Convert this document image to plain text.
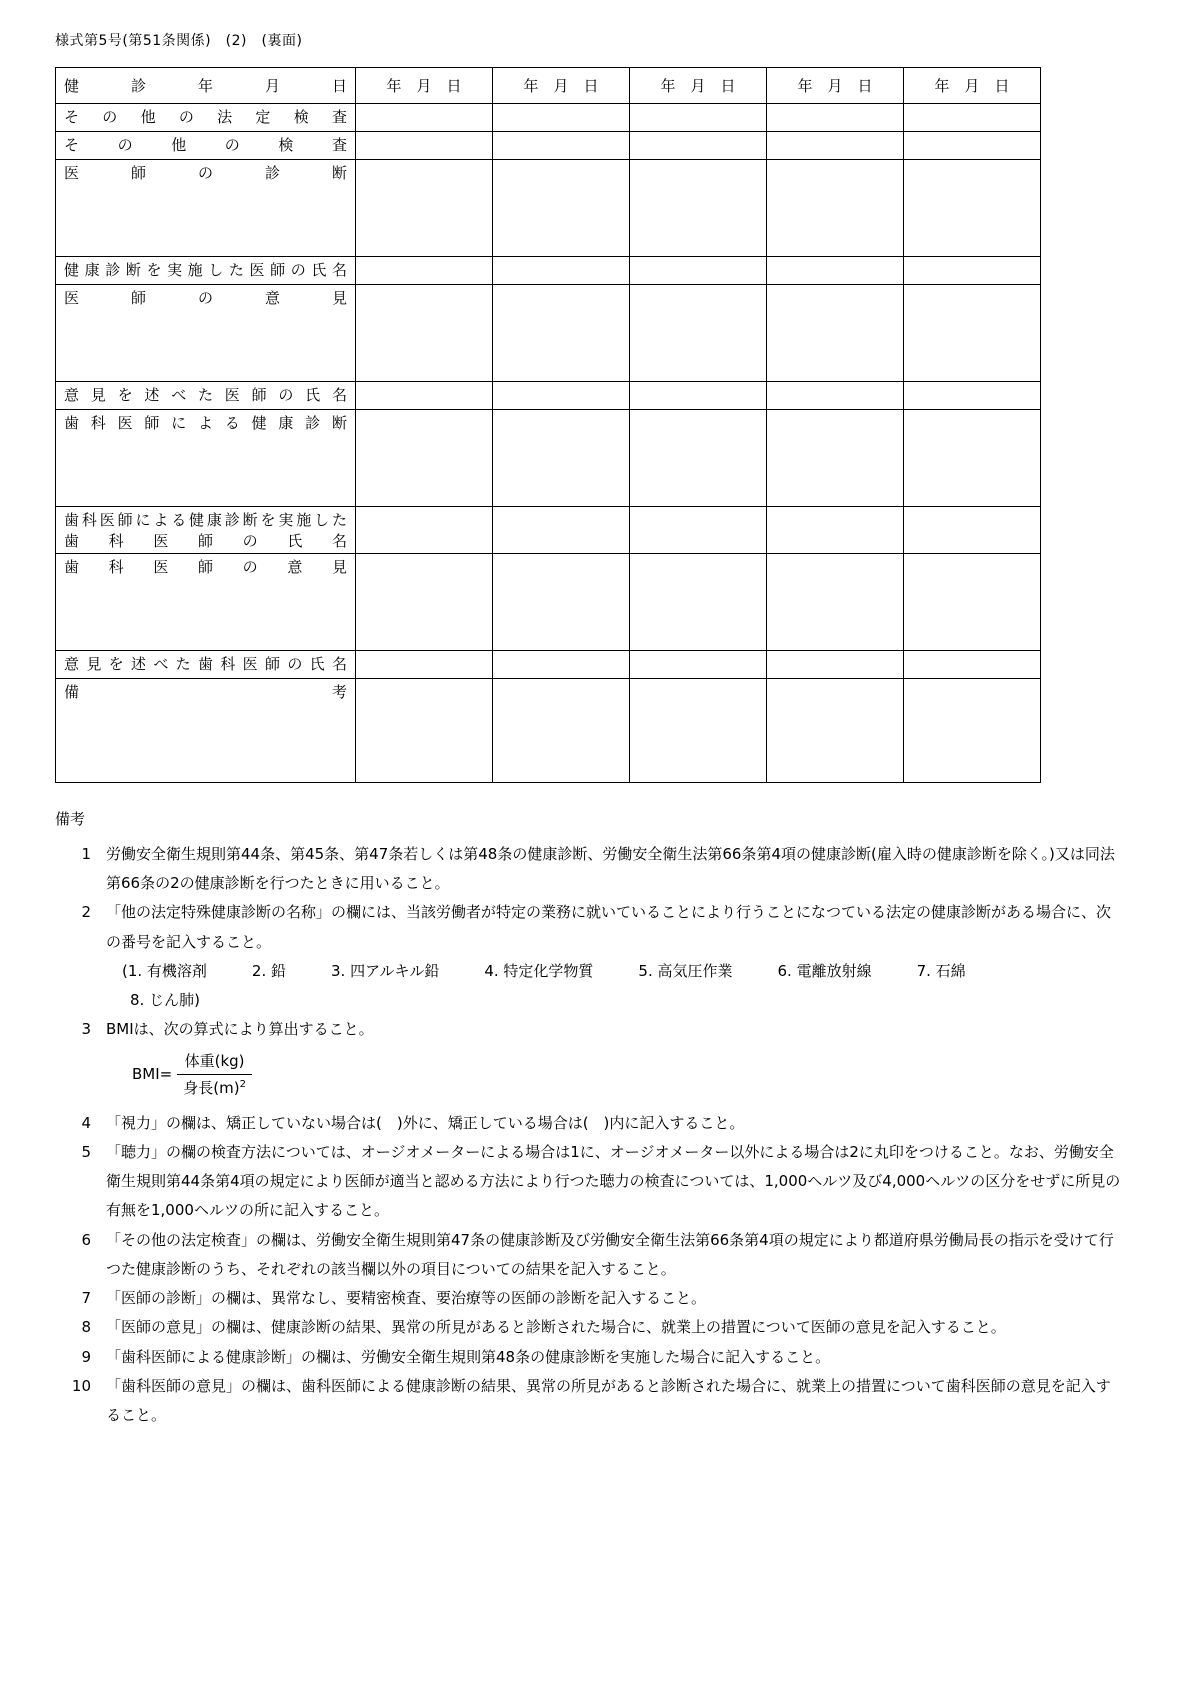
様式第5号(第51条関係)　(2)　(裏面)
健診年月日	年　月　日	年　月　日	年　月　日	年　月　日	年　月　日

その他の法定検査					

その他の検査					

医師の診断					

健康診断を実施した医師の氏名					

医師の意見					

意見を述べた医師の氏名					

歯科医師による健康診断					

歯科医師による健康診断を実施した
歯科医師の氏名					

歯科医師の意見					

意見を述べた歯科医師の氏名					

備考					

備考
1 労働安全衛生規則第44条、第45条、第47条若しくは第48条の健康診断、労働安全衛生法第66条第4項の健康診断(雇入時の健康診断を除く。)又は同法第66条の2の健康診断を行つたときに用いること。
2 「他の法定特殊健康診断の名称」の欄には、当該労働者が特定の業務に就いていることにより行うことになつている法定の健康診断がある場合に、次の番号を記入すること。
(1. 有機溶剤　　　2. 鉛　　　3. 四アルキル鉛　　　4. 特定化学物質　　　5. 高気圧作業　　　6. 電離放射線　　　7. 石綿
8. じん肺)
3 BMIは、次の算式により算出すること。
$BMI= \frac{\text{体重(kg)}}{身長(m)^2}$
4 「視力」の欄は、矯正していない場合は(　)外に、矯正している場合は(　)内に記入すること。
5 「聴力」の欄の検査方法については、オージオメーターによる場合は1に、オージオメーター以外による場合は2に丸印をつけること。なお、労働安全衛生規則第44条第4項の規定により医師が適当と認める方法により行つた聴力の検査については、1,000ヘルツ及び4,000ヘルツの区分をせずに所見の有無を1,000ヘルツの所に記入すること。
6 「その他の法定検査」の欄は、労働安全衛生規則第47条の健康診断及び労働安全衛生法第66条第4項の規定により都道府県労働局長の指示を受けて行つた健康診断のうち、それぞれの該当欄以外の項目についての結果を記入すること。
7 「医師の診断」の欄は、異常なし、要精密検査、要治療等の医師の診断を記入すること。
8 「医師の意見」の欄は、健康診断の結果、異常の所見があると診断された場合に、就業上の措置について医師の意見を記入すること。
9 「歯科医師による健康診断」の欄は、労働安全衛生規則第48条の健康診断を実施した場合に記入すること。
10 「歯科医師の意見」の欄は、歯科医師による健康診断の結果、異常の所見があると診断された場合に、就業上の措置について歯科医師の意見を記入すること。
